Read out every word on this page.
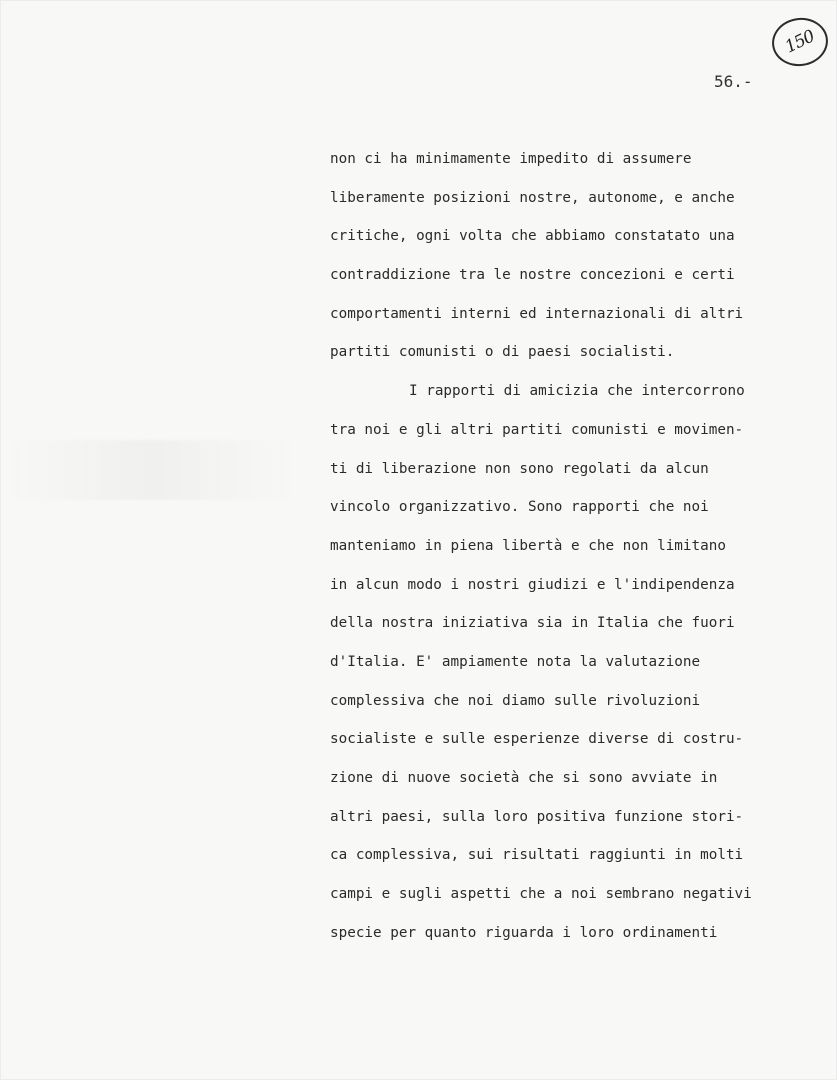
150
56.-
non ci ha minimamente impedito di assumere
liberamente posizioni nostre, autonome, e anche
critiche, ogni volta che abbiamo constatato una
contraddizione tra le nostre concezioni e certi
comportamenti interni ed internazionali di altri
partiti comunisti o di paesi socialisti.
I rapporti di amicizia che intercorrono
tra noi e gli altri partiti comunisti e movimen-
ti di liberazione non sono regolati da alcun
vincolo organizzativo. Sono rapporti che noi
manteniamo in piena libertà e che non limitano
in alcun modo i nostri giudizi e l'indipendenza
della nostra iniziativa sia in Italia che fuori
d'Italia. E' ampiamente nota la valutazione
complessiva che noi diamo sulle rivoluzioni
socialiste e sulle esperienze diverse di costru-
zione di nuove società che si sono avviate in
altri paesi, sulla loro positiva funzione stori-
ca complessiva, sui risultati raggiunti in molti
campi e sugli aspetti che a noi sembrano negativi
specie per quanto riguarda i loro ordinamenti
